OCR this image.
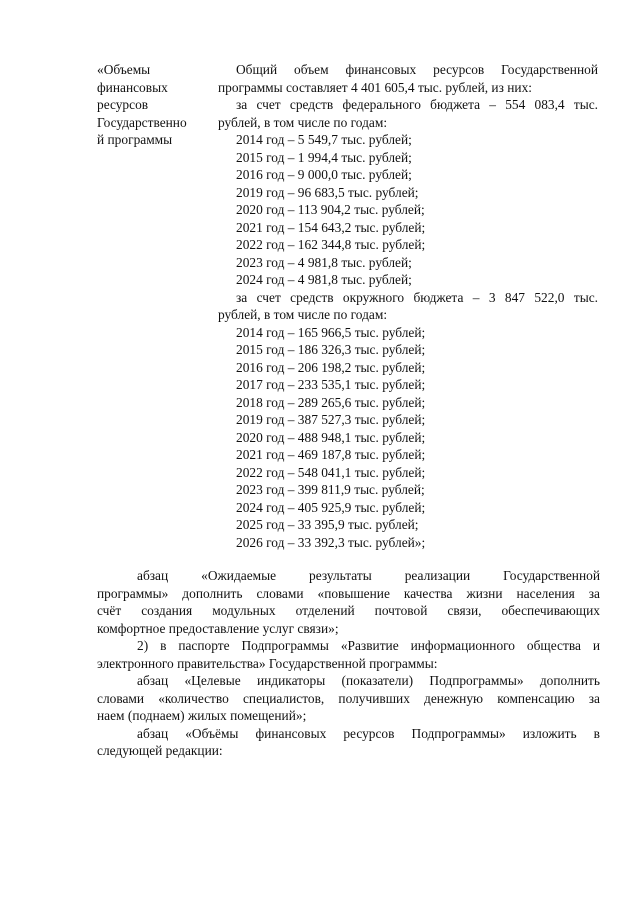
«Объемы
финансовых
ресурсов
Государственно
й программы
Общий объем финансовых ресурсов Государственной
программы составляет 4 401 605,4 тыс. рублей, из них:
за счет средств федерального бюджета – 554 083,4 тыс.
рублей, в том числе по годам:
2014 год – 5 549,7 тыс. рублей;
2015 год – 1 994,4 тыс. рублей;
2016 год – 9 000,0 тыс. рублей;
2019 год – 96 683,5 тыс. рублей;
2020 год – 113 904,2 тыс. рублей;
2021 год – 154 643,2 тыс. рублей;
2022 год – 162 344,8 тыс. рублей;
2023 год – 4 981,8 тыс. рублей;
2024 год – 4 981,8 тыс. рублей;
за счет средств окружного бюджета – 3 847 522,0 тыс.
рублей, в том числе по годам:
2014 год – 165 966,5 тыс. рублей;
2015 год – 186 326,3 тыс. рублей;
2016 год – 206 198,2 тыс. рублей;
2017 год – 233 535,1 тыс. рублей;
2018 год – 289 265,6 тыс. рублей;
2019 год – 387 527,3 тыс. рублей;
2020 год – 488 948,1 тыс. рублей;
2021 год – 469 187,8 тыс. рублей;
2022 год – 548 041,1 тыс. рублей;
2023 год – 399 811,9 тыс. рублей;
2024 год – 405 925,9 тыс. рублей;
2025 год – 33 395,9 тыс. рублей;
2026 год – 33 392,3 тыс. рублей»;
абзац «Ожидаемые результаты реализации Государственной
программы» дополнить словами «повышение качества жизни населения за
счёт создания модульных отделений почтовой связи, обеспечивающих
комфортное предоставление услуг связи»;
2) в паспорте Подпрограммы «Развитие информационного общества и
электронного правительства» Государственной программы:
абзац «Целевые индикаторы (показатели) Подпрограммы» дополнить
словами «количество специалистов, получивших денежную компенсацию за
наем (поднаем) жилых помещений»;
абзац «Объёмы финансовых ресурсов Подпрограммы» изложить в
следующей редакции:
